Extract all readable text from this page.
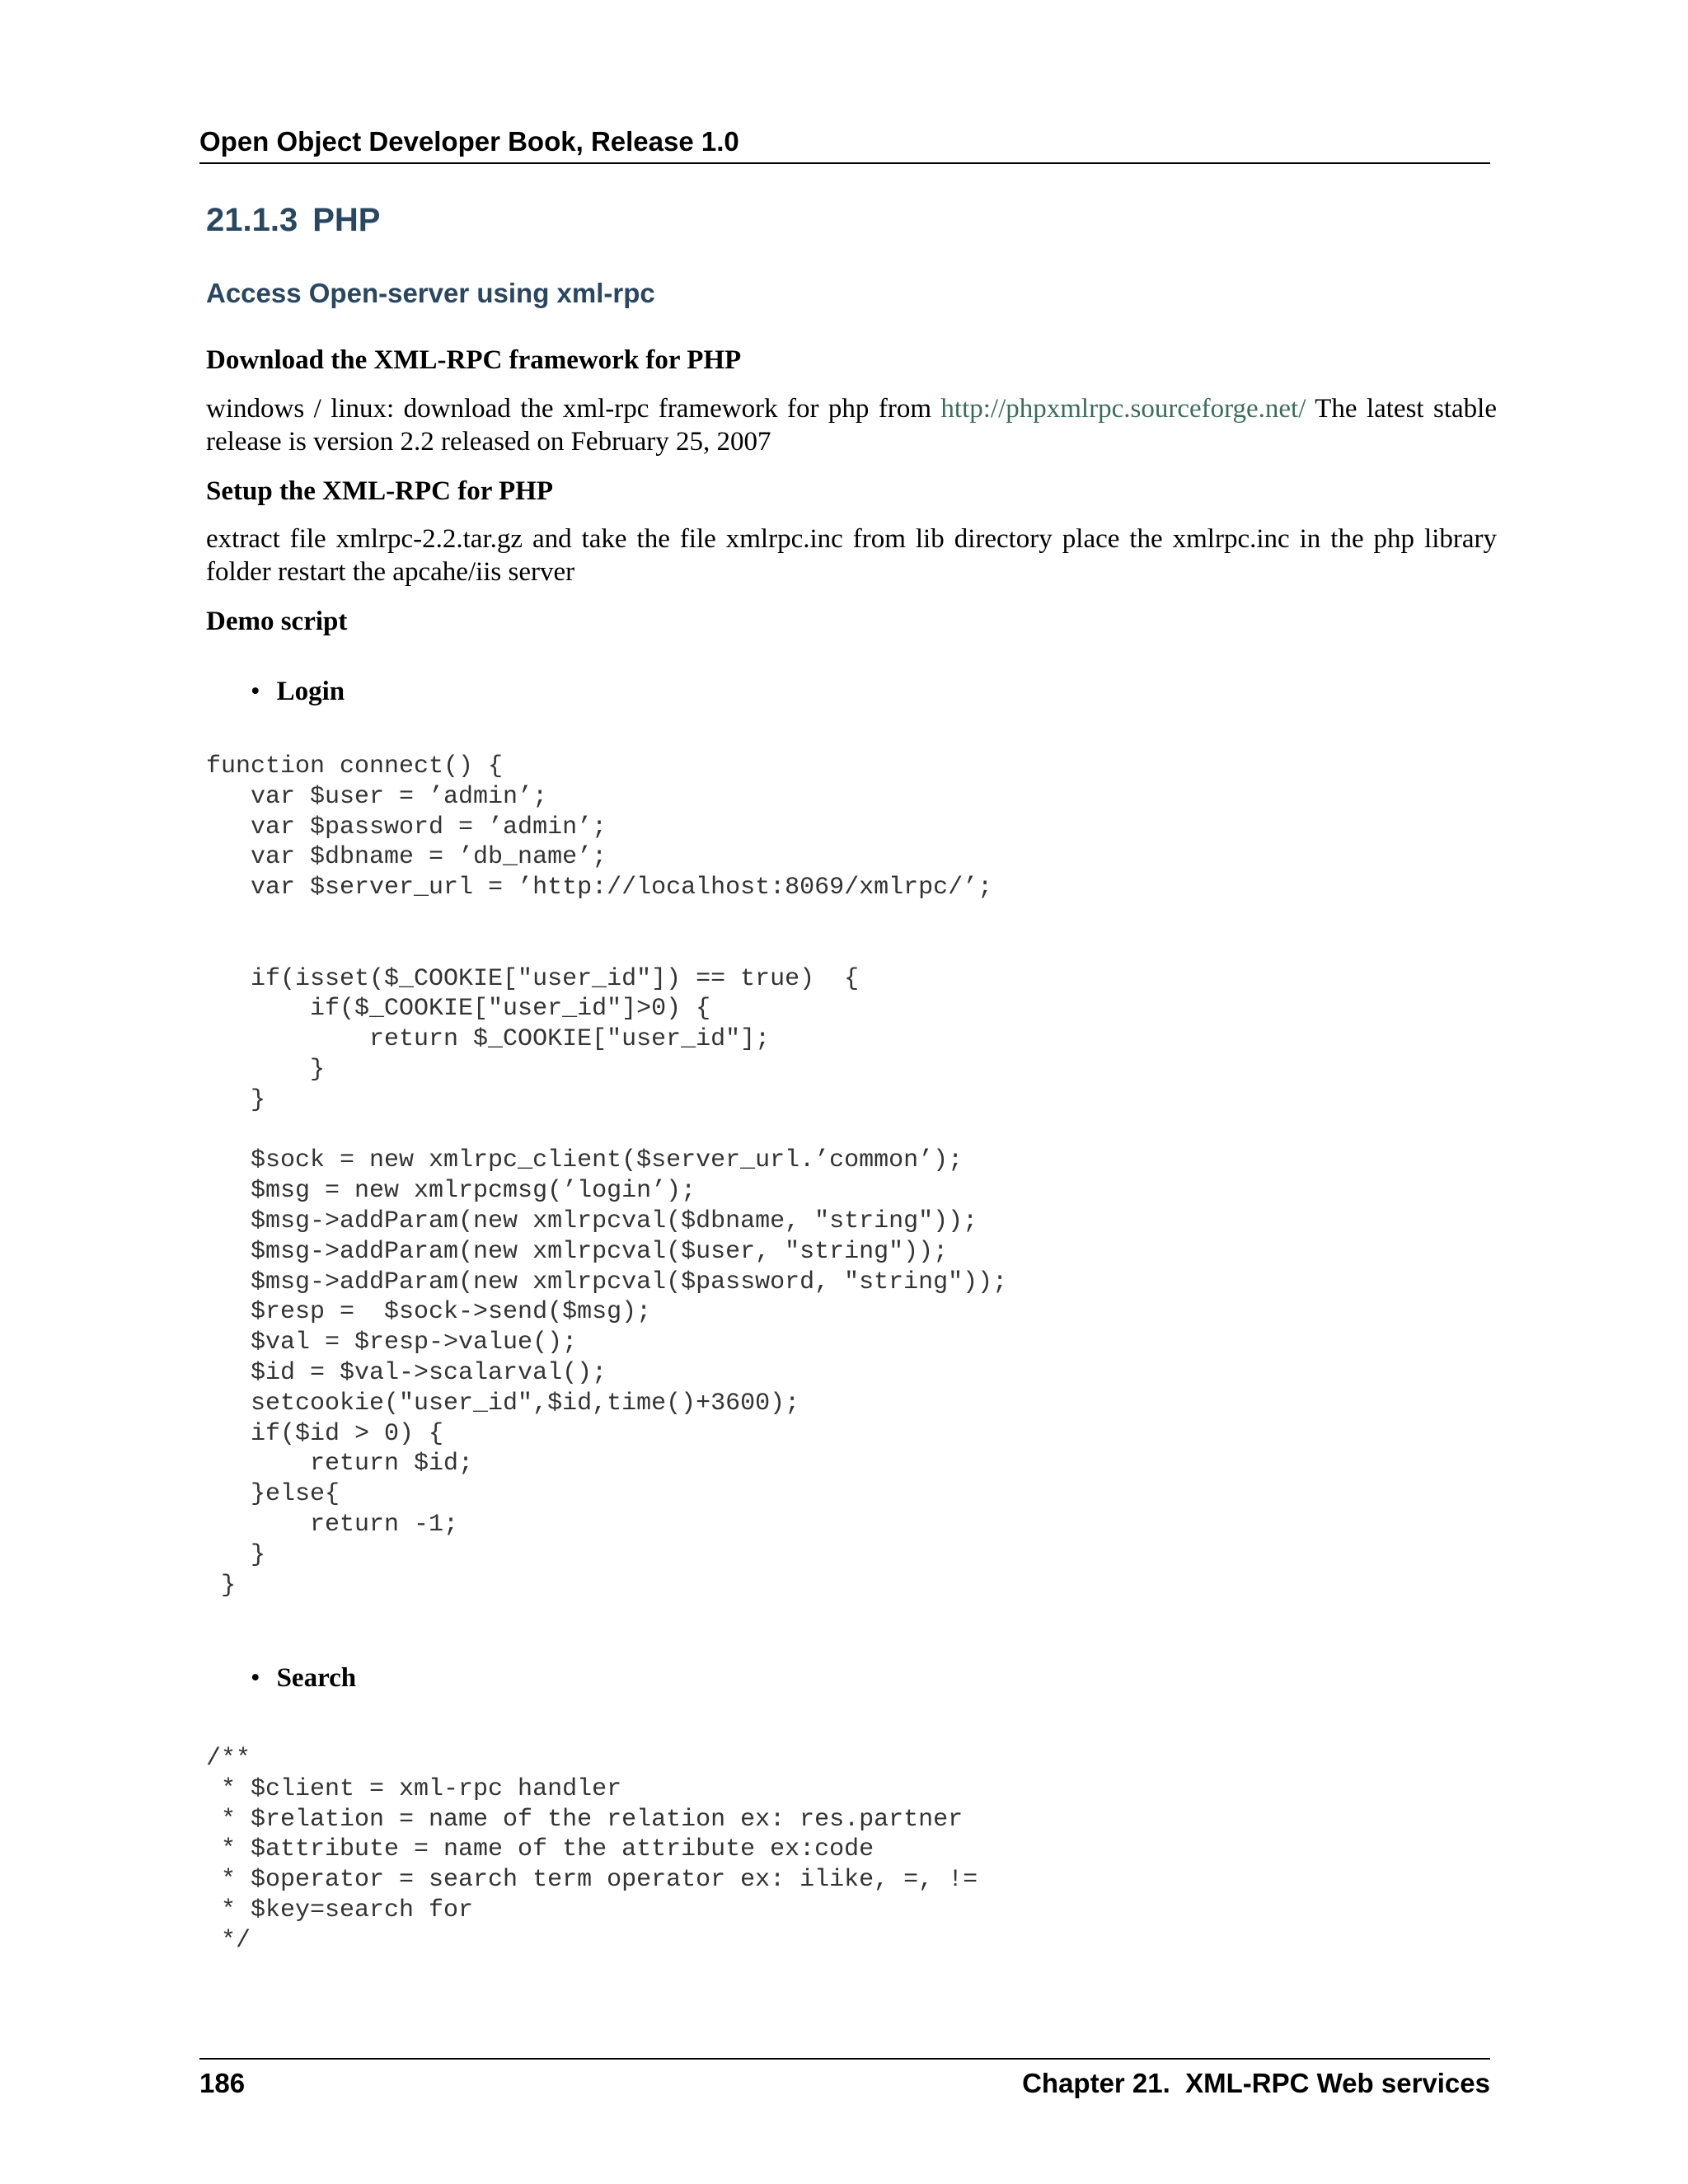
Open Object Developer Book, Release 1.0
21.1.3 PHP
Access Open-server using xml-rpc
Download the XML-RPC framework for PHP
windows / linux: download the xml-rpc framework for php from http://phpxmlrpc.sourceforge.net/ The latest stable release is version 2.2 released on February 25, 2007
Setup the XML-RPC for PHP
extract file xmlrpc-2.2.tar.gz and take the file xmlrpc.inc from lib directory place the xmlrpc.inc in the php library folder restart the apcahe/iis server
Demo script
• Login
function connect() {
var $user = ’admin’;
var $password = ’admin’;
var $dbname = ’db_name’;
var $server_url = ’http://localhost:8069/xmlrpc/’;

if(isset($_COOKIE["user_id"]) == true)  {
if($_COOKIE["user_id"]>0) {
return $_COOKIE["user_id"];
}
}

$sock = new xmlrpc_client($server_url.’common’);
$msg = new xmlrpcmsg(’login’);
$msg->addParam(new xmlrpcval($dbname, "string"));
$msg->addParam(new xmlrpcval($user, "string"));
$msg->addParam(new xmlrpcval($password, "string"));
$resp =  $sock->send($msg);
$val = $resp->value();
$id = $val->scalarval();
setcookie("user_id",$id,time()+3600);
if($id > 0) {
return $id;
}else{
return -1;
}
}
• Search
/**
* $client = xml-rpc handler
* $relation = name of the relation ex: res.partner
* $attribute = name of the attribute ex:code
* $operator = search term operator ex: ilike, =, !=
* $key=search for
*/
186	Chapter 21.  XML-RPC Web services
